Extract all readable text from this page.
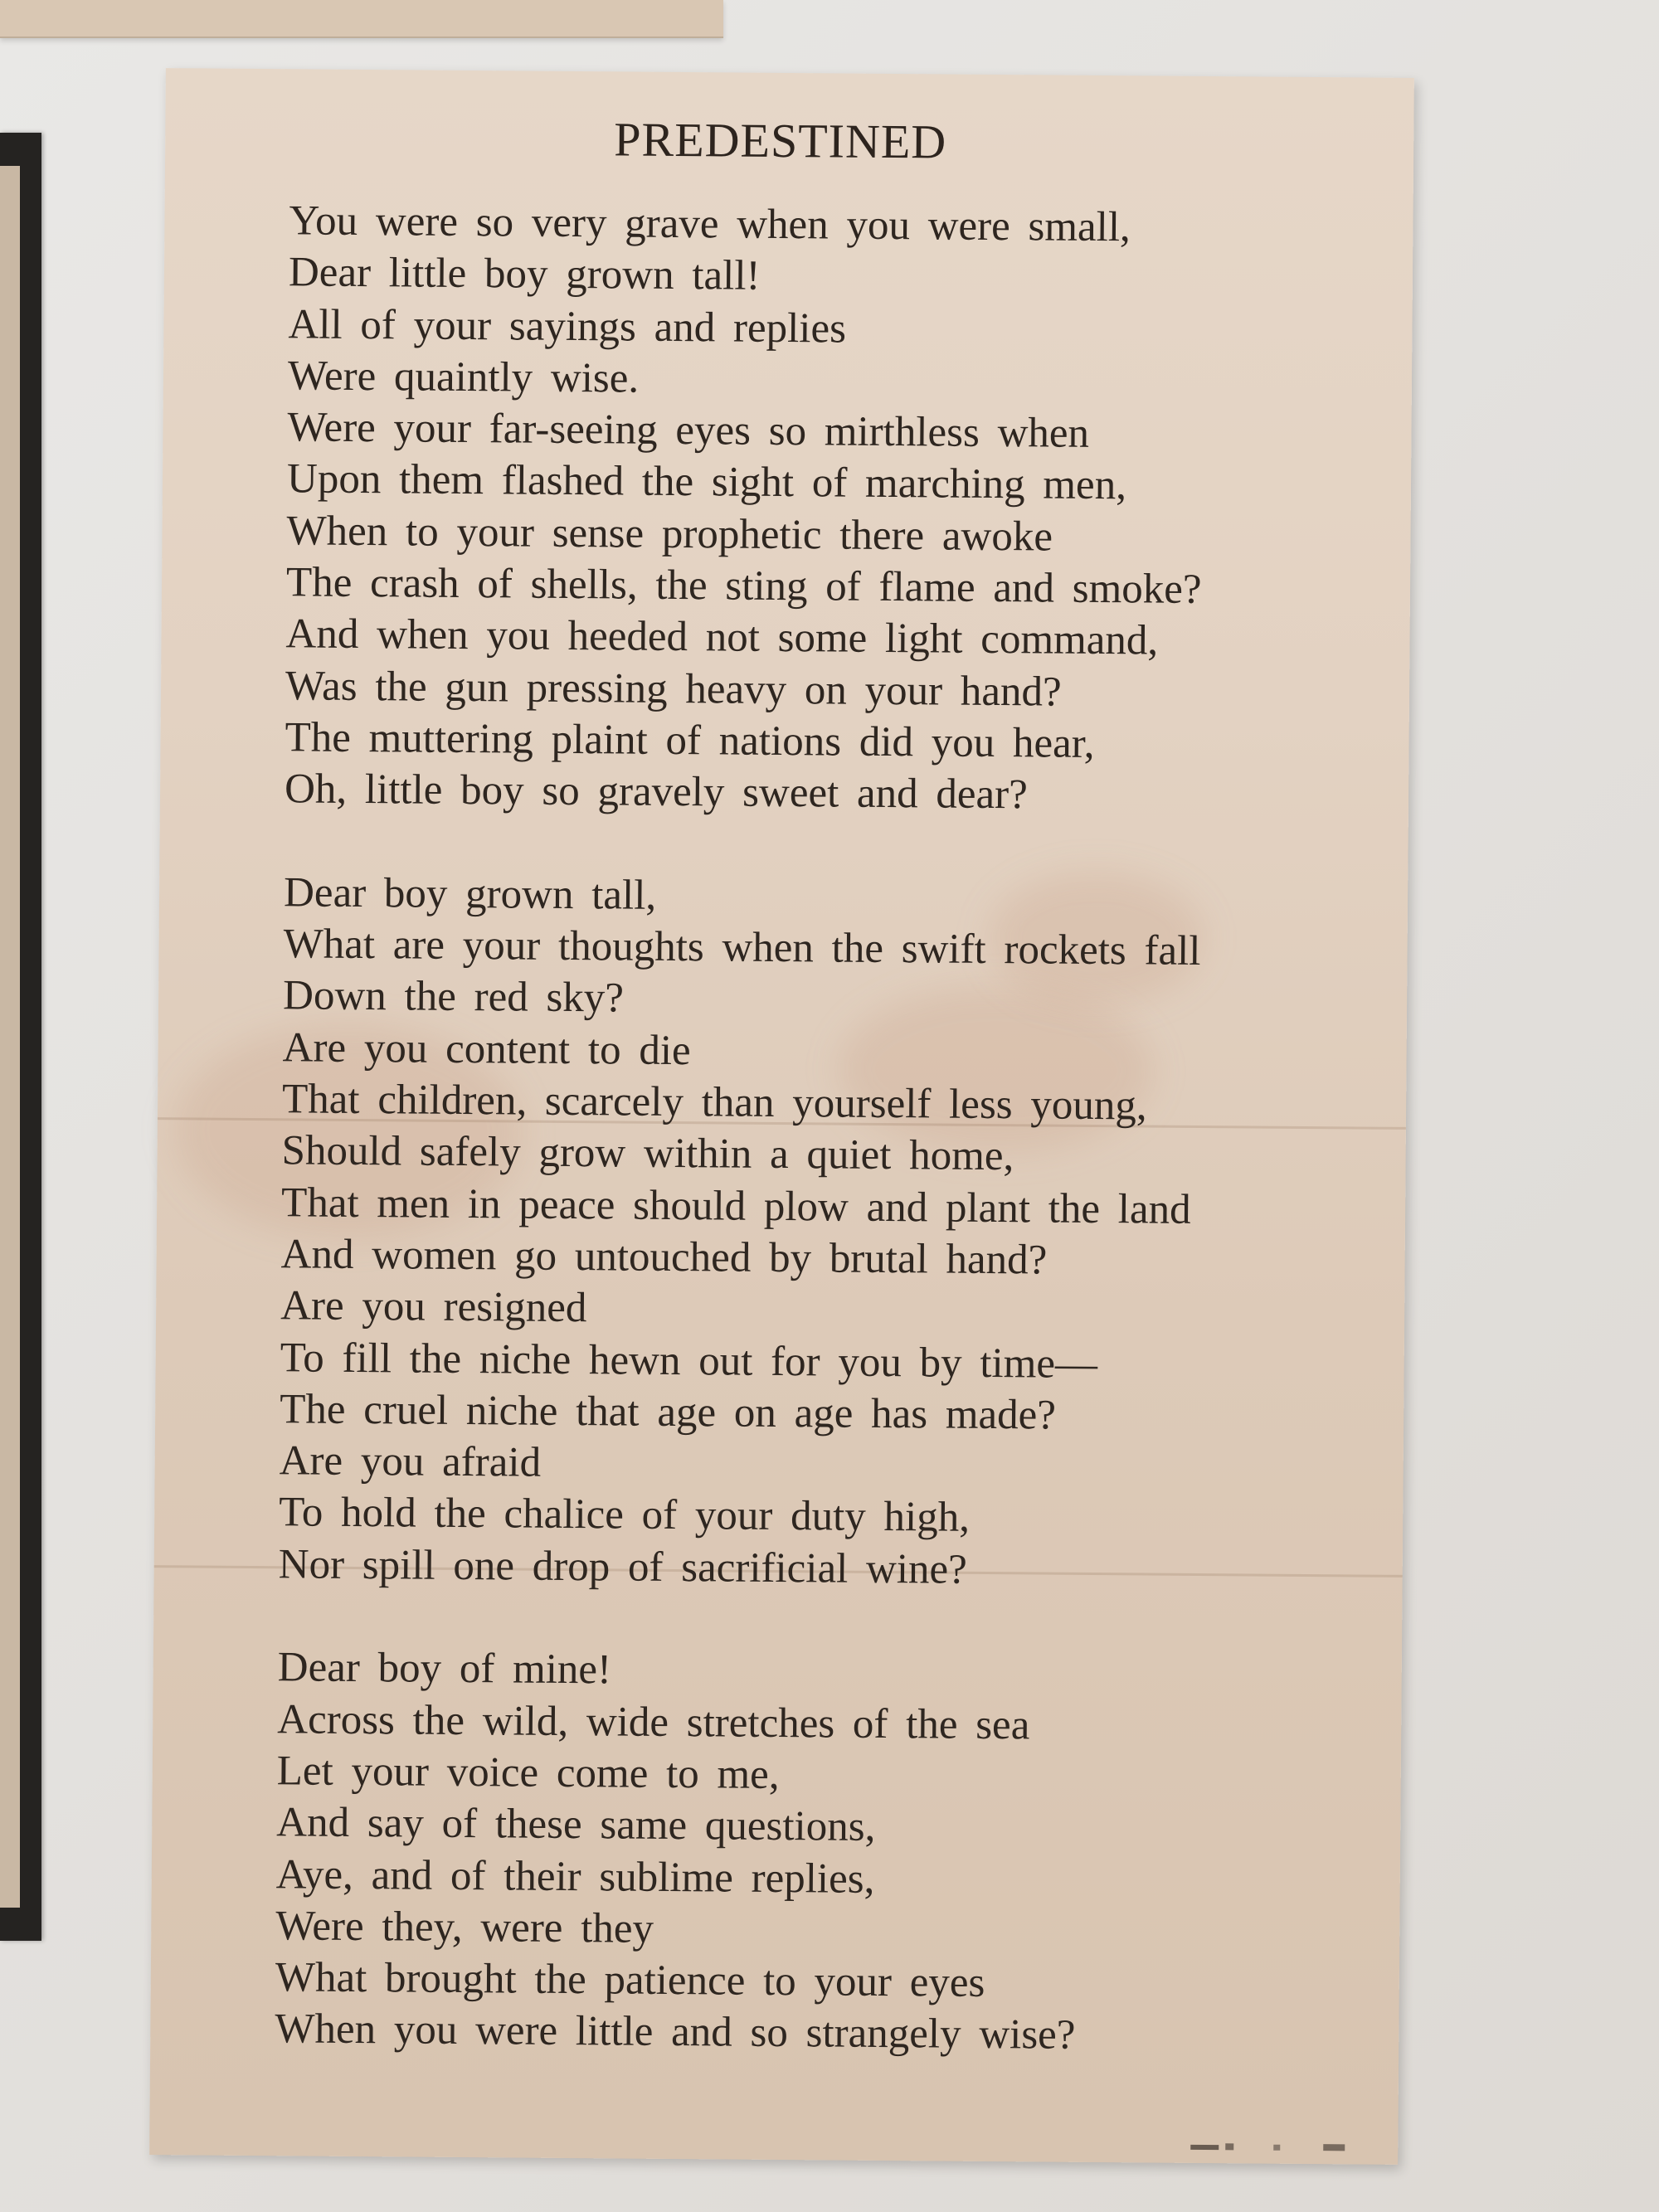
PREDESTINED
You were so very grave when you were small,
Dear little boy grown tall!
All of your sayings and replies
Were quaintly wise.
Were your far-seeing eyes so mirthless when
Upon them flashed the sight of marching men,
When to your sense prophetic there awoke
The crash of shells, the sting of flame and smoke?
And when you heeded not some light command,
Was the gun pressing heavy on your hand?
The muttering plaint of nations did you hear,
Oh, little boy so gravely sweet and dear?
Dear boy grown tall,
What are your thoughts when the swift rockets fall
Down the red sky?
Are you content to die
That children, scarcely than yourself less young,
Should safely grow within a quiet home,
That men in peace should plow and plant the land
And women go untouched by brutal hand?
Are you resigned
To fill the niche hewn out for you by time—
The cruel niche that age on age has made?
Are you afraid
To hold the chalice of your duty high,
Nor spill one drop of sacrificial wine?
Dear boy of mine!
Across the wild, wide stretches of the sea
Let your voice come to me,
And say of these same questions,
Aye, and of their sublime replies,
Were they, were they
What brought the patience to your eyes
When you were little and so strangely wise?
